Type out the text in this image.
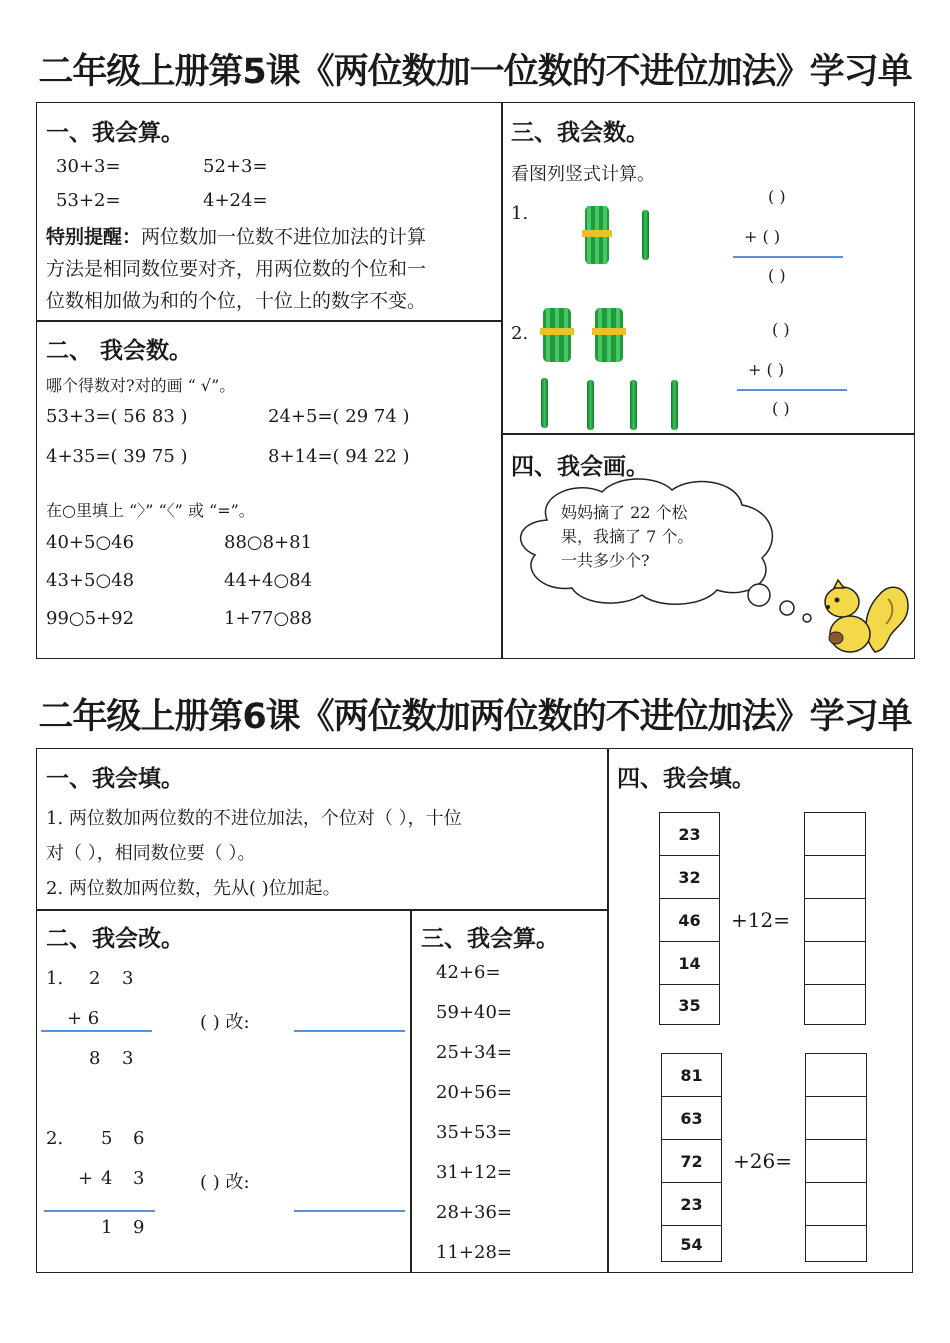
二年级上册第5课《两位数加一位数的不进位加法》学习单
一、我会算。
30+3=	52+3=
53+2=	4+24=
特别提醒：两位数加一位数不进位加法的计算
方法是相同数位要对齐，用两位数的个位和一
位数相加做为和的个位，十位上的数字不变。
二、 我会数。
哪个得数对?对的画 “ √”。
53+3=( 56 83 )	24+5=( 29 74 )
4+35=( 39 75 )	8+14=( 94 22 )
在○里填上 “〉” “〈” 或 “=”。
40+5○46	88○8+81
43+5○48	44+4○84
99○5+92	1+77○88
三、我会数。
看图列竖式计算。
1.
2.
( )
+ ( )
( )
( )
+ ( )
( )
四、我会画。
妈妈摘了 22 个松
果，我摘了 7 个。
一共多少个?
二年级上册第6课《两位数加两位数的不进位加法》学习单
一、我会填。
1. 两位数加两位数的不进位加法，个位对（ ），十位
对（ ），相同数位要（ ）。
2. 两位数加两位数，先从( )位加起。
二、我会改。
1. 2 3
+ 6
8 3
( ) 改:
2. 5 6
+ 4 3
1 9
( ) 改:
三、我会算。
42+6=
59+40=
25+34=
20+56=
35+53=
31+12=
28+36=
11+28=
四、我会填。
23
32
46
14
35
+12=
81
63
72
23
54
+26=
